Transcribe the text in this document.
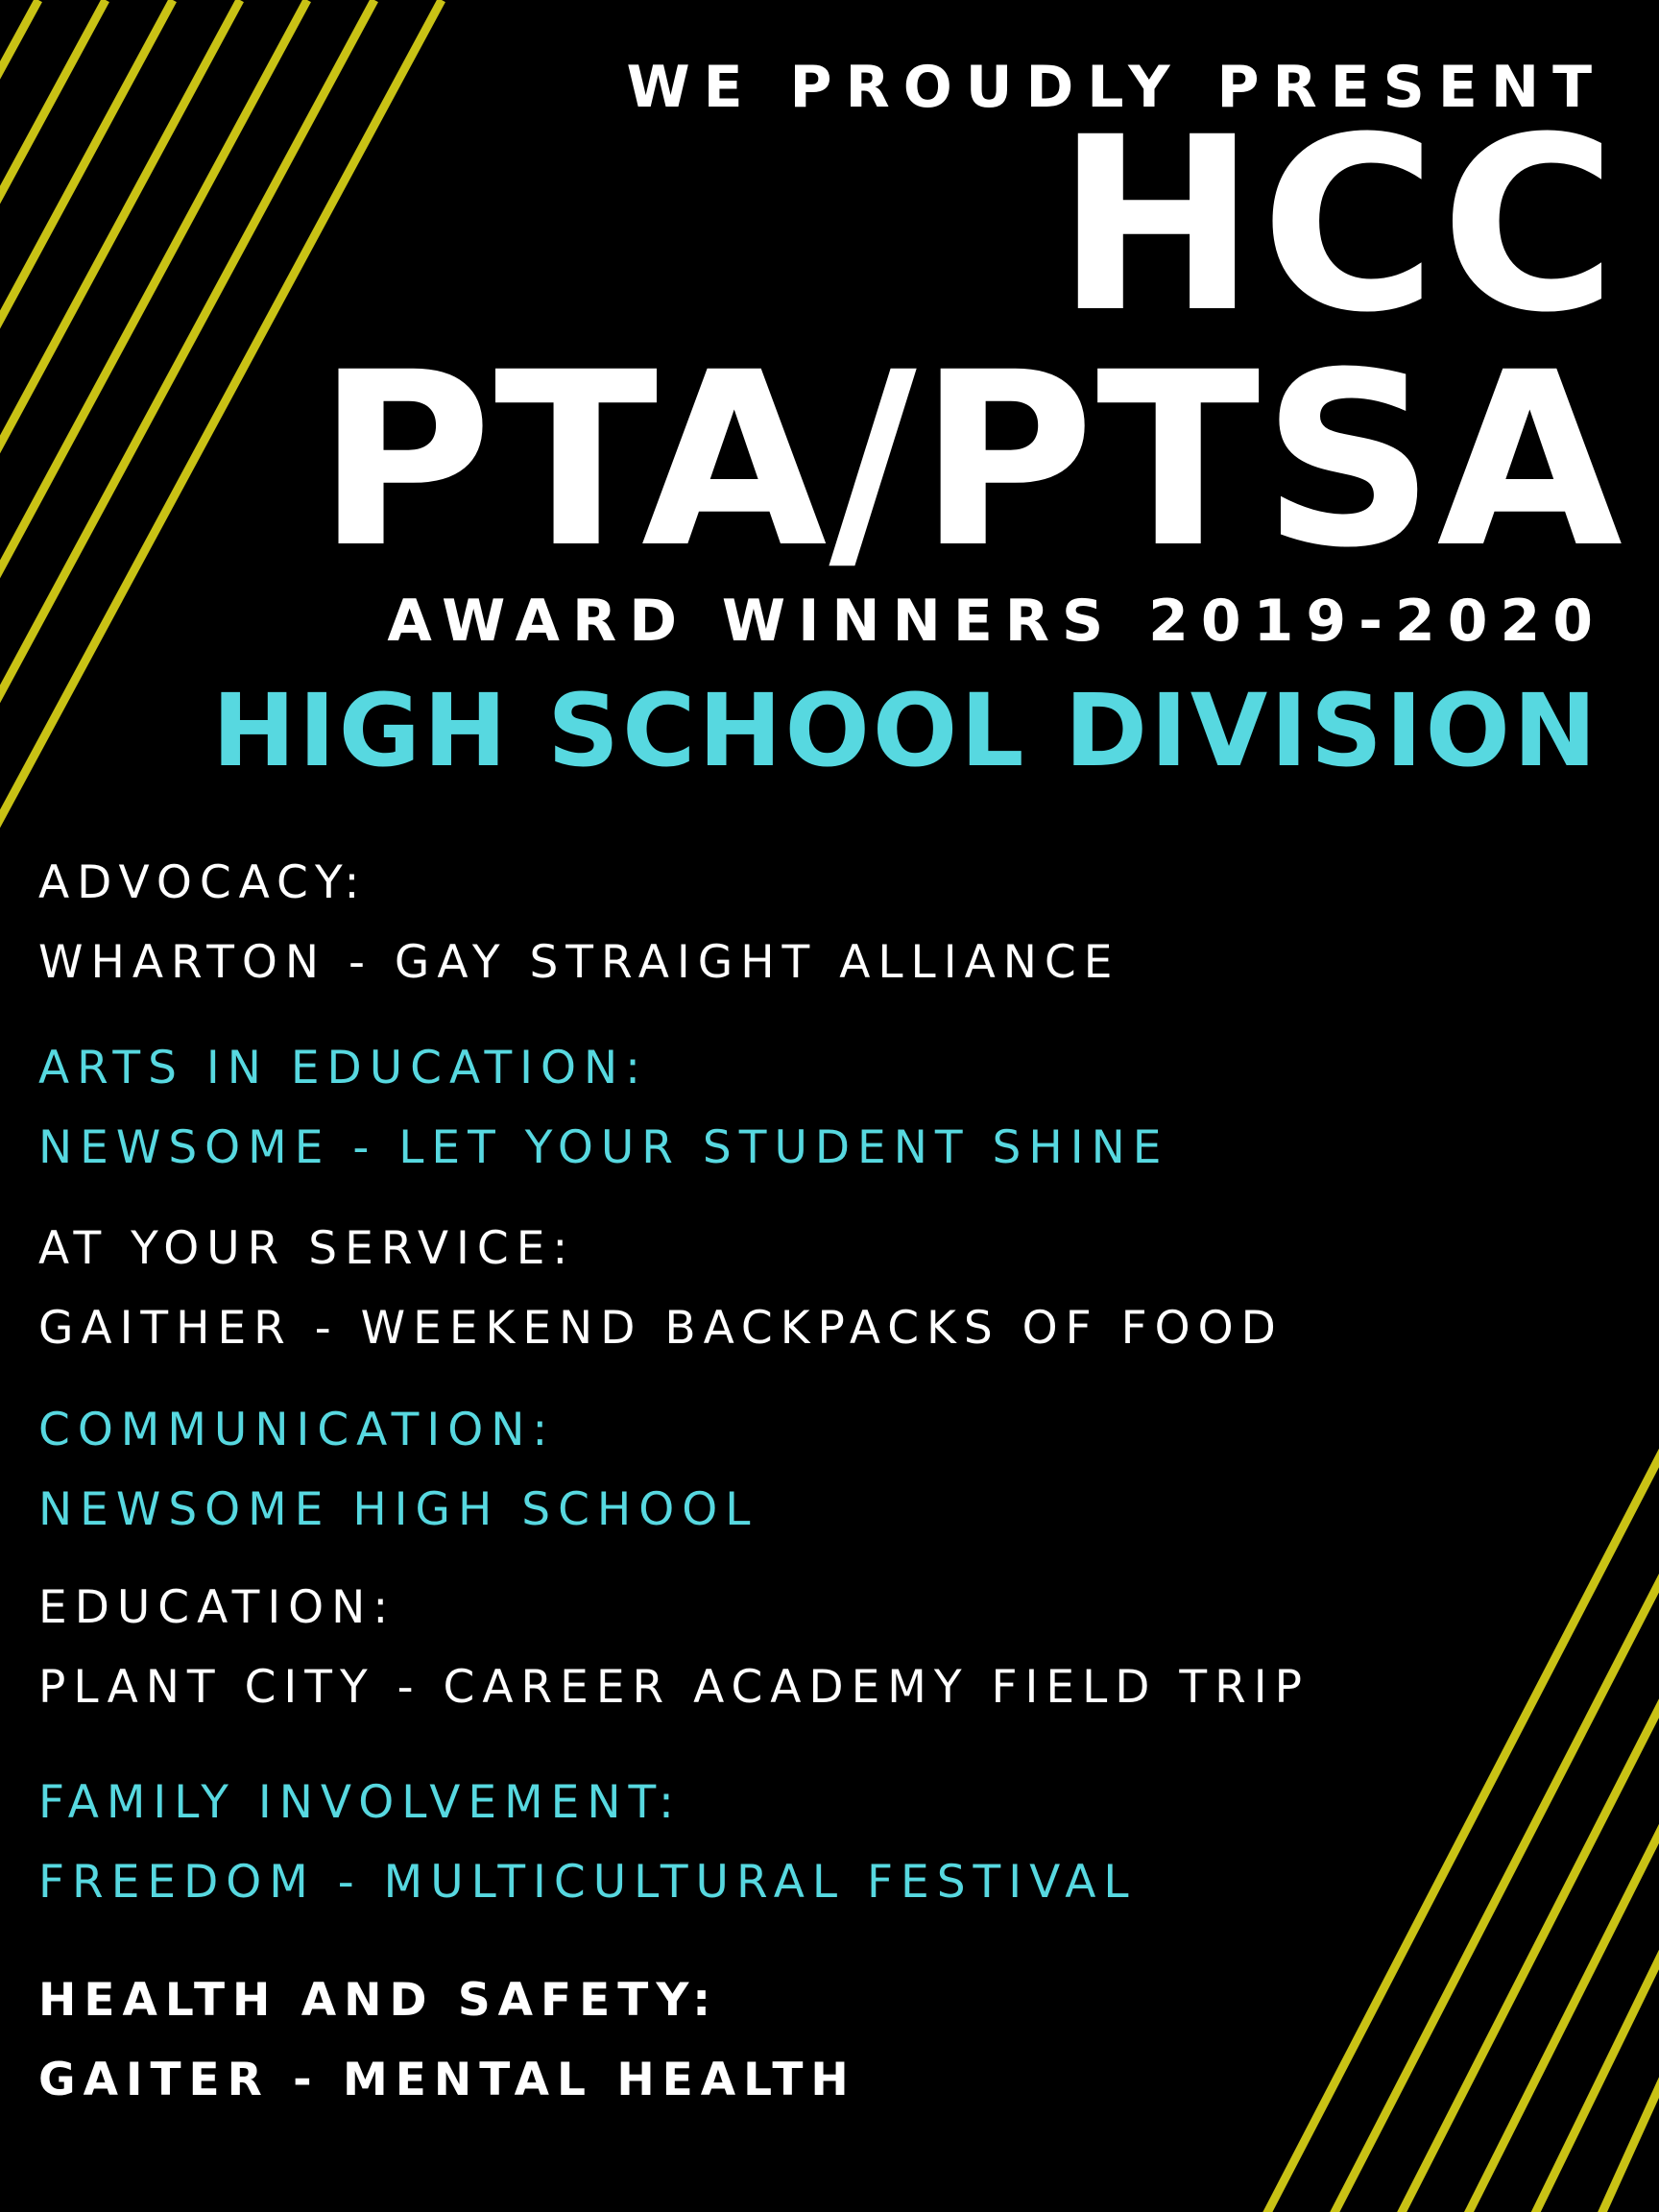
WE PROUDLY PRESENT
HCC
PTA/PTSA
AWARD WINNERS 2019-2020
HIGH SCHOOL DIVISION
ADVOCACY:
WHARTON - GAY STRAIGHT ALLIANCE
ARTS IN EDUCATION:
NEWSOME - LET YOUR STUDENT SHINE
AT YOUR SERVICE:
GAITHER - WEEKEND BACKPACKS OF FOOD
COMMUNICATION:
NEWSOME HIGH SCHOOL
EDUCATION:
PLANT CITY - CAREER ACADEMY FIELD TRIP
FAMILY INVOLVEMENT:
FREEDOM - MULTICULTURAL FESTIVAL
HEALTH AND SAFETY:
GAITER - MENTAL HEALTH
